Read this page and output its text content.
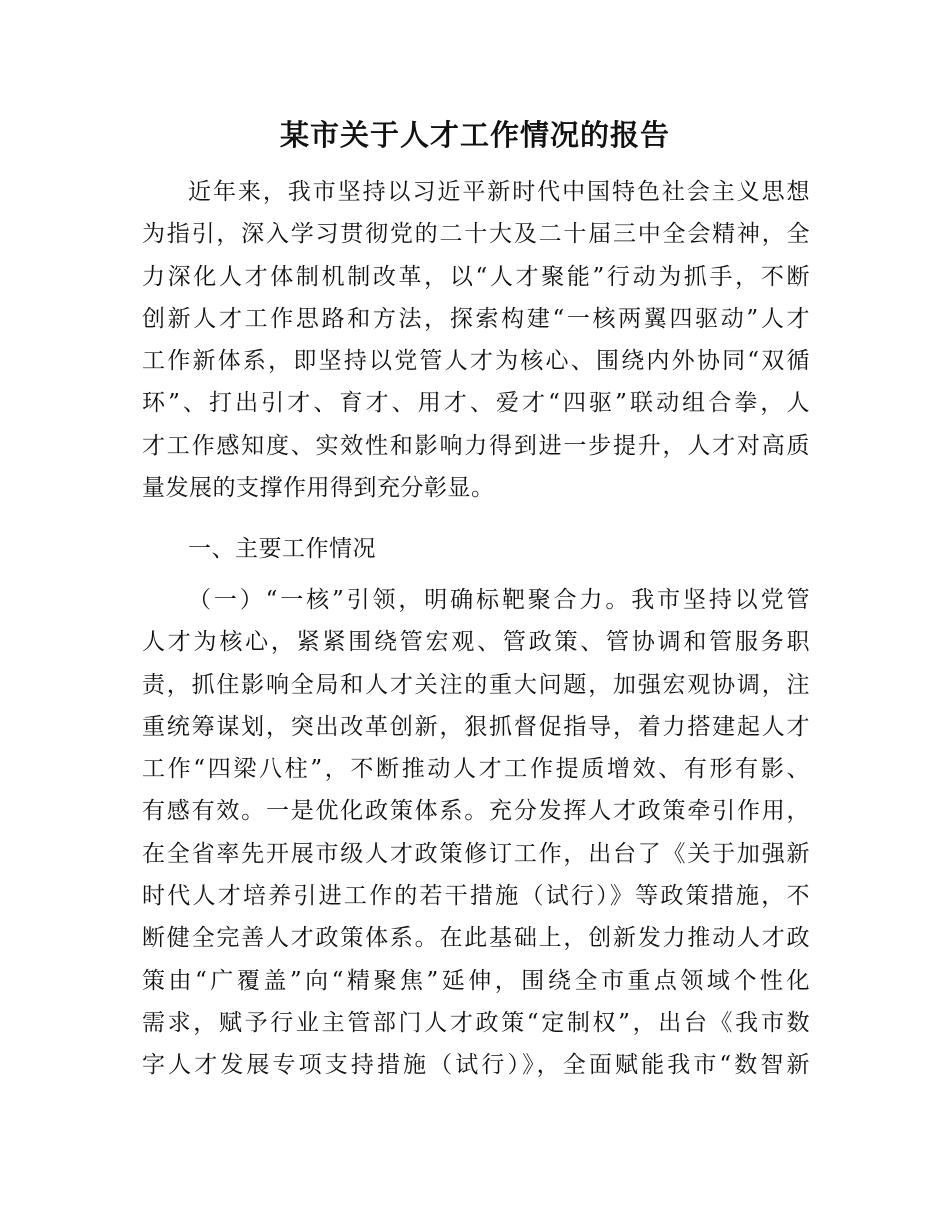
某市关于人才工作情况的报告
近年来，我市坚持以习近平新时代中国特色社会主义思想
为指引，深入学习贯彻党的二十大及二十届三中全会精神，全
力深化人才体制机制改革，以“人才聚能”行动为抓手，不断
创新人才工作思路和方法，探索构建“一核两翼四驱动”人才
工作新体系，即坚持以党管人才为核心、围绕内外协同“双循
环”、打出引才、育才、用才、爱才“四驱”联动组合拳，人
才工作感知度、实效性和影响力得到进一步提升，人才对高质
量发展的支撑作用得到充分彰显。
一、主要工作情况
（一）“一核”引领，明确标靶聚合力。我市坚持以党管
人才为核心，紧紧围绕管宏观、管政策、管协调和管服务职
责，抓住影响全局和人才关注的重大问题，加强宏观协调，注
重统筹谋划，突出改革创新，狠抓督促指导，着力搭建起人才
工作“四梁八柱”，不断推动人才工作提质增效、有形有影、
有感有效。一是优化政策体系。充分发挥人才政策牵引作用，
在全省率先开展市级人才政策修订工作，出台了《关于加强新
时代人才培养引进工作的若干措施（试行）》等政策措施，不
断健全完善人才政策体系。在此基础上，创新发力推动人才政
策由“广覆盖”向“精聚焦”延伸，围绕全市重点领域个性化
需求，赋予行业主管部门人才政策“定制权”，出台《我市数
字人才发展专项支持措施（试行）》，全面赋能我市“数智新
